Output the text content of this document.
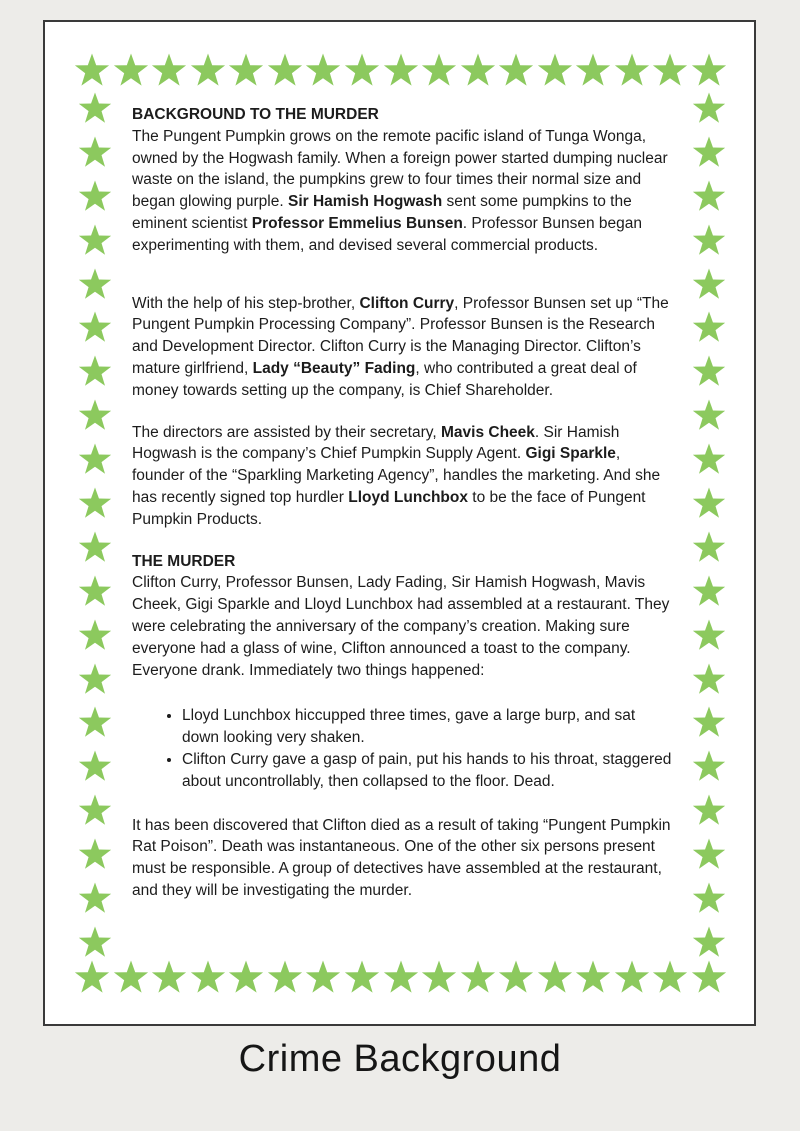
BACKGROUND TO THE MURDER

The Pungent Pumpkin grows on the remote pacific island of Tunga Wonga, owned by the Hogwash family. When a foreign power started dumping nuclear waste on the island, the pumpkins grew to four times their normal size and began glowing purple. Sir Hamish Hogwash sent some pumpkins to the eminent scientist Professor Emmelius Bunsen. Professor Bunsen began experimenting with them, and devised several commercial products.

With the help of his step-brother, Clifton Curry, Professor Bunsen set up “The Pungent Pumpkin Processing Company”. Professor Bunsen is the Research and Development Director. Clifton Curry is the Managing Director. Clifton’s mature girlfriend, Lady “Beauty” Fading, who contributed a great deal of money towards setting up the company, is Chief Shareholder.

The directors are assisted by their secretary, Mavis Cheek. Sir Hamish Hogwash is the company’s Chief Pumpkin Supply Agent. Gigi Sparkle, founder of the “Sparkling Marketing Agency”, handles the marketing. And she has recently signed top hurdler Lloyd Lunchbox to be the face of Pungent Pumpkin Products.

THE MURDER

Clifton Curry, Professor Bunsen, Lady Fading, Sir Hamish Hogwash, Mavis Cheek, Gigi Sparkle and Lloyd Lunchbox had assembled at a restaurant. They were celebrating the anniversary of the company’s creation. Making sure everyone had a glass of wine, Clifton announced a toast to the company. Everyone drank. Immediately two things happened:

• Lloyd Lunchbox hiccupped three times, gave a large burp, and sat down looking very shaken.
• Clifton Curry gave a gasp of pain, put his hands to his throat, staggered about uncontrollably, then collapsed to the floor. Dead.

It has been discovered that Clifton died as a result of taking “Pungent Pumpkin Rat Poison”. Death was instantaneous. One of the other six persons present must be responsible. A group of detectives have assembled at the restaurant, and they will be investigating the murder.

Crime Background
